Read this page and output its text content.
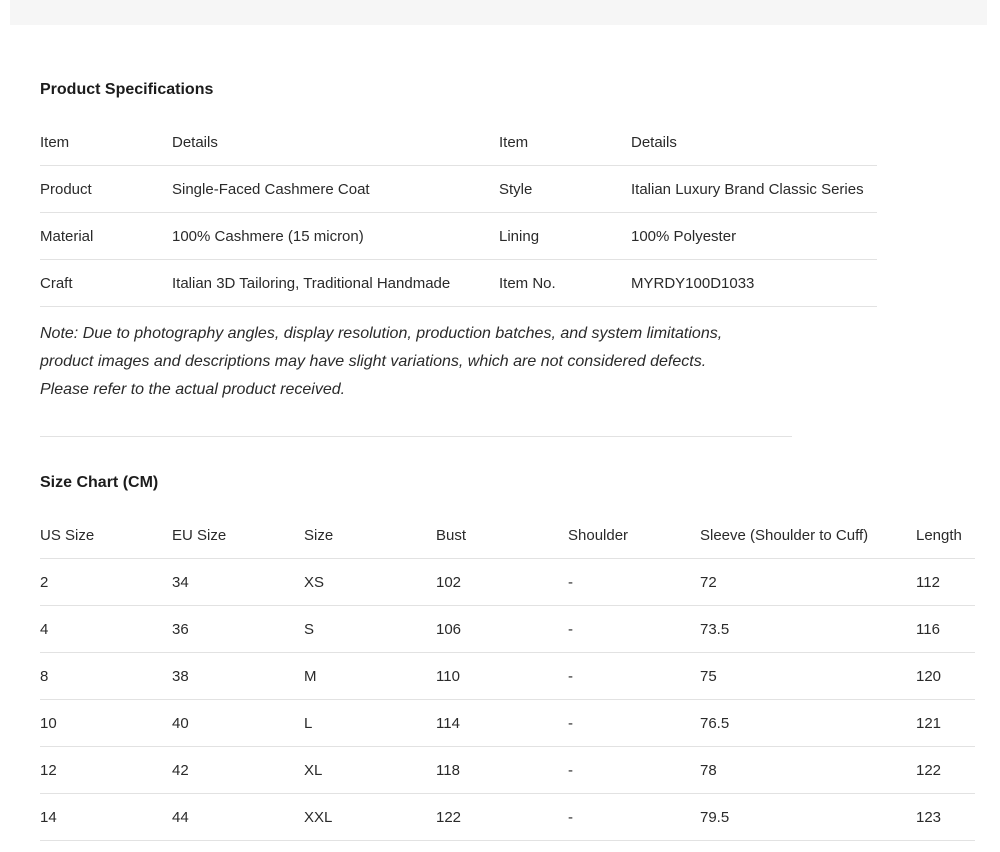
Product Specifications
Item	Details	Item	Details
Product	Single-Faced Cashmere Coat	Style	Italian Luxury Brand Classic Series
Material	100% Cashmere (15 micron)	Lining	100% Polyester
Craft	Italian 3D Tailoring, Traditional Handmade	Item No.	MYRDY100D1033

Note: Due to photography angles, display resolution, production batches, and system limitations,
product images and descriptions may have slight variations, which are not considered defects.
Please refer to the actual product received.

Size Chart (CM)
US Size	EU Size	Size	Bust	Shoulder	Sleeve (Shoulder to Cuff)	Length
2	34	XS	102	-	72	112
4	36	S	106	-	73.5	116
8	38	M	110	-	75	120
10	40	L	114	-	76.5	121
12	42	XL	118	-	78	122
14	44	XXL	122	-	79.5	123
